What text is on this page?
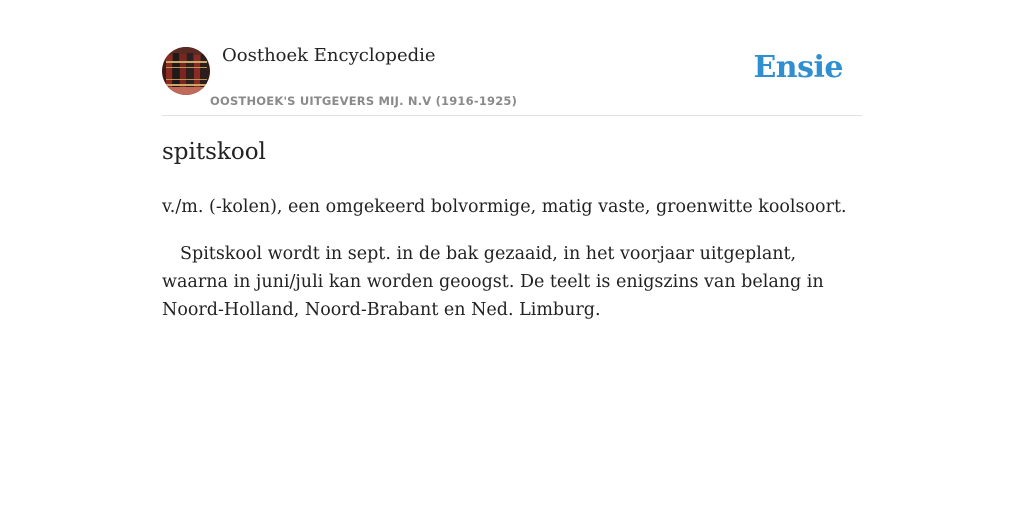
Oosthoek Encyclopedie
OOSTHOEK'S UITGEVERS MIJ. N.V (1916-1925)
Ensie
spitskool

v./m. (-kolen), een omgekeerd bolvormige, matig vaste, groenwitte koolsoort.

Spitskool wordt in sept. in de bak gezaaid, in het voorjaar uitgeplant, waarna in juni/juli kan worden geoogst. De teelt is enigszins van belang in Noord-Holland, Noord-Brabant en Ned. Limburg.
